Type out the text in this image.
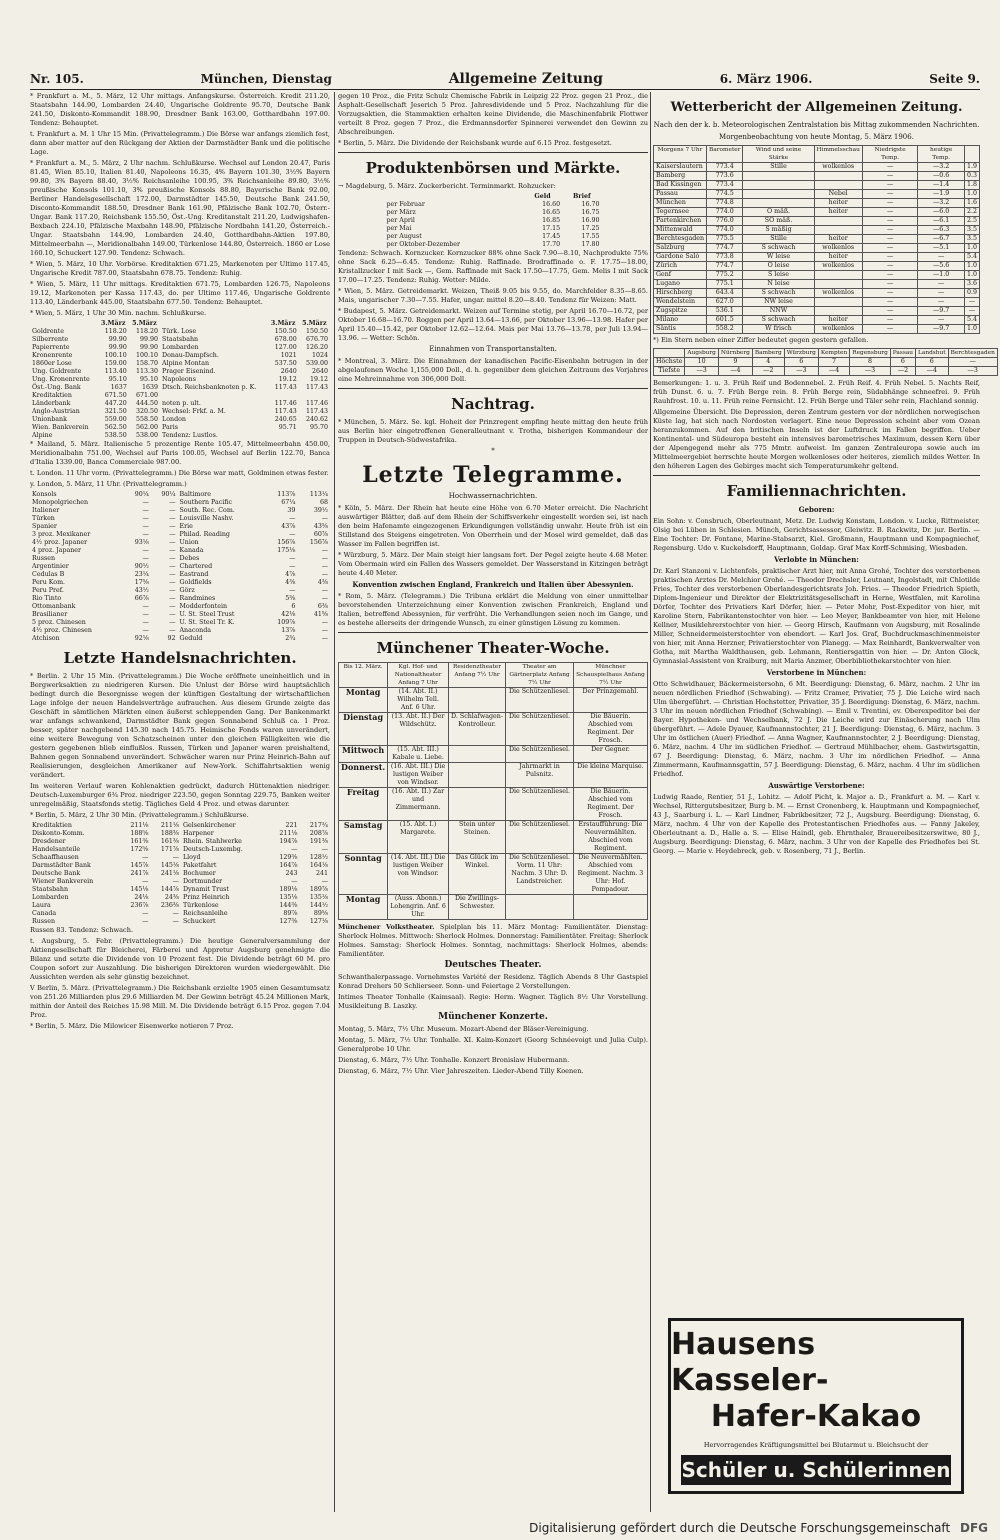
Nr. 105.	München, Dienstag	Allgemeine Zeitung	6. März 1906.	Seite 9.

* Frankfurt a. M., 5. März, 12 Uhr mittags. Anfangskurse. Österreich. Kredit 211.20, Staatsbahn 144.90, Lombarden 24.40, Ungarische Goldrente 95.70, Deutsche Bank 241.50, Diskonto-Kommandit 188.90, Dresdner Bank 163.00, Gotthardbahn 197.00. Tendenz: Behauptet.

t. Frankfurt a. M. 1 Uhr 15 Min. (Privattelegramm.) Die Börse war anfangs ziemlich fest, dann aber matter auf den Rückgang der Aktien der Darmstädter Bank und die politische Lage.

* Frankfurt a. M., 5. März, 2 Uhr nachm. Schlußkurse. Wechsel auf London 20.47, Paris 81.45, Wien 85.10, Italien 81.40, Napoleons 16.35, 4% Bayern 101.30, 3½% Bayern 99.80, 3% Bayern 88.40, 3½% Reichsanleihe 100.95, 3% Reichsanleihe 89.80, 3½% preußische Konsols 101.10, 3% preußische Konsols 88.80, Bayerische Bank 92.00, Berliner Handelsgesellschaft 172.00, Darmstädter 145.50, Deutsche Bank 241.50, Disconto-Kommandit 188.50, Dresdner Bank 161.90, Pfälzische Bank 102.70, Österr.-Ungar. Bank 117.20, Reichsbank 155.50, Öst.-Ung. Kreditanstalt 211.20, Ludwigshafen-Bexbach 224.10, Pfälzische Maxbahn 148.90, Pfälzische Nordbahn 141.20, Österreich.-Ungar. Staatsbahn 144.90, Lombarden 24.40, Gotthardbahn-Aktien 197.80, Mittelmeerbahn —, Meridionalbahn 149.00, Türkenlose 144.80, Österreich. 1860 er Lose 160.10, Schuckert 127.90. Tendenz: Schwach.

* Wien, 5. März, 10 Uhr. Vorbörse. Kreditaktien 671.25, Markenoten per Ultimo 117.45, Ungarische Kredit 787.00, Staatsbahn 678.75. Tendenz: Ruhig.

* Wien, 5. März, 11 Uhr mittags. Kreditaktien 671.75, Lombarden 126.75, Napoleons 19.12, Markenoten per Kassa 117.43, do. per Ultimo 117.46, Ungarische Goldrente 113.40, Länderbank 445.00, Staatsbahn 677.50. Tendenz: Behauptet.

* Wien, 5. März, 1 Uhr 30 Min. nachm. Schlußkurse.

	3.März	5.März		3.März	5.März
Goldrente	118.20	118.20	Türk. Lose	150.50	150.50
Silberrente	99.90	99.90	Staatsbahn	678.00	676.70
Papierrente	99.90	99.90	Lombarden	127.00	126.20
Kronenrente	100.10	100.10	Donau-Dampfsch.	1021	1024
1860er Lose	159.00	158.70	Alpine Montan	537.50	539.00
Ung. Goldrente	113.40	113.30	Prager Eisenind.	2640	2640
Ung. Kronenrente	95.10	95.10	Napoleons	19.12	19.12
Öst.-Ung. Bank	1637	1639	Dtsch. Reichsbanknoten p. K.	117.43	117.43
Kreditaktien	671.50	671.00			
Länderbank	447.20	444.50	noten p. ult.	117.46	117.46
Anglo-Austrian	321.50	320.50	Wechsel: Frkf. a. M.	117.43	117.43
Unionbank	559.00	558.50	London	240.65	240.62
Wien. Bankverein	562.50	562.00	Paris	95.71	95.70
Alpine	538.50	538.00	Tendenz: Lustlos.		

* Mailand, 5. März. Italienische 5 prozentige Rente 105.47, Mittelmeerbahn 450.00, Meridionalbahn 751.00, Wechsel auf Paris 100.05, Wechsel auf Berlin 122.70, Banca d'Italia 1339.00, Banca Commerciale 987.00.

t. London. 11 Uhr vorm. (Privattelegramm.) Die Börse war matt, Goldminen etwas fester.

y. London, 5. März, 11 Uhr. (Privattelegramm.)

Konsols	90¼	90¼	Baltimore	113⅞	113¼
Monopolgriechen	—	—	Southern Pacific	67¼	68
Italiener	—	—	South. Rec. Com.	39	39½
Türken	—	—	Louisville Nashv.	—	—
Spanier	—	—	Erie	43⅞	43⅝
3 proz. Mexikaner	—	—	Philad. Reading	—	60⅞
4½ proz. Japaner	93⅛	—	Union	156⅞	156⅞
4 proz. Japaner	—	—	Kanada	175⅛	—
Russen	—	—	Debes	—	—
Argentinier	90½	—	Chartered	—	—
Cedulas B	23¼	—	Eastrand	4⅞	—
Peru Kom.	17⅝	—	Goldfields	4⅜	4⅜
Peru Pref.	43½	—	Görz	—	—
Rio Tinto	66⅞	—	Randmines	5⅜	—
Ottomanbank	—	—	Modderfontein	6	6⅜
Brasilianer	—	—	U. St. Steel Trust	42⅛	41⅝
5 proz. Chinesen	—	—	U. St. Steel Tr. K.	109⅞	—
4½ proz. Chinesen	—	—	Anaconda	13⅞	—
Atchison	92⅛	92	Geduld	2¾	—
Letzte Handelsnachrichten.

* Berlin. 2 Uhr 15 Min. (Privattelegramm.) Die Woche eröffnete uneinheitlich und in Bergwerksaktien zu niedrigeren Kursen. Die Unlust der Börse wird hauptsächlich bedingt durch die Besorgnisse wegen der künftigen Gestaltung der wirtschaftlichen Lage infolge der neuen Handelsverträge aufrauchen. Aus diesem Grunde zeigte das Geschäft in sämtlichen Märkten einen äußerst schleppenden Gang. Der Bankenmarkt war anfangs schwankend, Darmstädter Bank gegen Sonnabend Schluß ca. 1 Proz. besser, später nachgebend 145.30 nach 145.75. Heimische Fonds waren unverändert, eine weitere Bewegung von Schatzscheinen unter den gleichen Fälligkeiten wie die gestern gegebenen blieb einflußlos. Russen, Türken und Japaner waren preishaltend, Bahnen gegen Sonnabend unverändert. Schwächer waren nur Prinz Heinrich-Bahn auf Realisierungen, desgleichen Amerikaner auf New-York. Schiffahrtsaktien wenig verändert.

Im weiteren Verlauf waren Kohlenaktien gedrückt, dadurch Hüttenaktien niedriger. Deutsch-Luxemburger 6¾ Proz. niedriger 223.50, gegen Sonntag 229.75, Banken weiter unregelmäßig, Staatsfonds stetig. Tägliches Geld 4 Proz. und etwas darunter.

* Berlin, 5. März, 2 Uhr 30 Min. (Privattelegramm.) Schlußkurse.

Kreditaktien	211⅛	211⅛	Gelsenkirchener	221	217¾
Diskonto-Komm.	188⅝	188⅜	Harpener	211⅛	208⅞
Dresdener	161⅜	161⅜	Rhein. Stahlwerke	194⅞	191⅜
Handelsanteile	172⅝	171⅞	Deutsch-Luxembg.	—	—
Schaaffhausen	—	—	Lloyd	129⅜	128½
Darmstädter Bank	145⅞	145⅛	Paketfahrt	164⅞	164⅛
Deutsche Bank	241⅞	241⅛	Bochumer	243	241
Wiener Bankverein	—	—	Dortmunder	—	—
Staatsbahn	145⅛	144⅞	Dynamit Trust	189⅛	189⅞
Lombarden	24⅛	24⅜	Prinz Heinrich	135⅛	135⅛
Laura	236⅞	236⅜	Türkenlose	144⅜	144½
Canada	—	—	Reichsanleihe	89⅞	89⅝
Russen	—	—	Schuckert	127⅜	127⅛

Russen 83. Tendenz: Schwach.

t. Augsburg, 5. Febr. (Privattelegramm.) Die heutige Generalversammlung der Aktiengesellschaft für Bleicherei, Färberei und Appretur Augsburg genehmigte die Bilanz und setzte die Dividende von 10 Prozent fest. Die Dividende beträgt 60 M. pro Coupon sofort zur Auszahlung. Die bisherigen Direktoren wurden wiedergewählt. Die Aussichten werden als sehr günstig bezeichnet.

V Berlin, 5. März. (Privattelegramm.) Die Reichsbank erzielte 1905 einen Gesamtumsatz von 251.26 Milliarden plus 29.6 Milliarden M. Der Gewinn beträgt 45.24 Millionen Mark, mithin der Anteil des Reiches 15.98 Mill. M. Die Dividende beträgt 6.15 Proz. gegen 7.04 Proz.

* Berlin, 5. März. Die Milowicer Eisenwerke notieren 7 Proz.

gegen 10 Proz., die Fritz Schulz Chemische Fabrik in Leipzig 22 Proz. gegen 21 Proz., die Asphalt-Gesellschaft Jeserich 5 Proz. Jahresdividende und 5 Proz. Nachzahlung für die Vorzugsaktien, die Stammaktien erhalten keine Dividende, die Maschinenfabrik Flottwer verteilt 8 Proz. gegen 7 Proz., die Erdmannsdorfer Spinnerei verwendet den Gewinn zu Abschreibungen.

* Berlin, 5. März. Die Dividende der Reichsbank wurde auf 6.15 Proz. festgesetzt.

Produktenbörsen und Märkte.

→ Magdeburg, 5. März. Zuckerbericht. Terminmarkt. Rohzucker:

	Geld	Brief
per Februar	16.60	16.70
per März	16.65	16.75
per April	16.85	16.90
per Mai	17.15	17.25
per August	17.45	17.55
per Oktober-Dezember	17.70	17.80

Tendenz: Schwach. Kornzucker. Kornzucker 88% ohne Sack 7.90—8.10, Nachprodukte 75% ohne Sack 6.25—6.45. Tendenz: Ruhig. Raffinade. Brodraffinade o. F. 17.75—18.00, Kristallzucker I mit Sack —, Gem. Raffinade mit Sack 17.50—17.75, Gem. Melis I mit Sack 17.00—17.25. Tendenz: Ruhig. Wetter: Milde.

* Wien, 5. März. Getreidemarkt. Weizen, Theiß 9.05 bis 9.55, do. Marchfelder 8.35—8.65. Mais, ungarischer 7.30—7.55. Hafer, ungar. mittel 8.20—8.40. Tendenz für Weizen: Matt.

* Budapest, 5. März. Getreidemarkt. Weizen auf Termine stetig, per April 16.70—16.72, per Oktober 16.68—16.70. Roggen per April 13.64—13.66, per Oktober 13.96—13.98. Hafer per April 15.40—15.42, per Oktober 12.62—12.64. Mais per Mai 13.76—13.78, per Juli 13.94—13.96. — Wetter: Schön.

Einnahmen von Transportanstalten.

* Montreal, 3. März. Die Einnahmen der kanadischen Pacific-Eisenbahn betrugen in der abgelaufenen Woche 1,155,000 Doll., d. h. gegenüber dem gleichen Zeitraum des Vorjahres eine Mehreinnahme von 306,000 Doll.

Nachtrag.

* München, 5. März. Se. kgl. Hoheit der Prinzregent empfing heute mittag den heute früh aus Berlin hier eingetroffenen Generalleutnant v. Trotha, bisherigen Kommandeur der Truppen in Deutsch-Südwestafrika.

*
Letzte Telegramme.
Hochwassernachrichten.

* Köln, 5. März. Der Rhein hat heute eine Höhe von 6.70 Meter erreicht. Die Nachricht auswärtiger Blätter, daß auf dem Rhein der Schiffsverkehr eingestellt worden sei, ist nach den beim Hafenamte eingezogenen Erkundigungen vollständig unwahr. Heute früh ist ein Stillstand des Steigens eingetreten. Von Oberrhein und der Mosel wird gemeldet, daß das Wasser im Fallen begriffen ist.

* Würzburg, 5. März. Der Main steigt hier langsam fort. Der Pegel zeigte heute 4.68 Meter. Vom Obermain wird ein Fallen des Wassers gemeldet. Der Wasserstand in Kitzingen beträgt heute 4.40 Meter.

Konvention zwischen England, Frankreich und Italien über Abessynien.

* Rom, 5. März. (Telegramm.) Die Tribuna erklärt die Meldung von einer unmittelbar bevorstehenden Unterzeichnung einer Konvention zwischen Frankreich, England und Italien, betreffend Abessynien, für verfrüht. Die Verhandlungen seien noch im Gange, und es bestehe allerseits der dringende Wunsch, zu einer günstigen Lösung zu kommen.

Münchener Theater-Woche.
Bis 12. März.	Kgl. Hof- und Nationaltheater Anfang 7 Uhr	Residenztheater Anfang 7½ Uhr	Theater am Gärtnerplatz Anfang 7½ Uhr	Münchner Schauspielhaus Anfang 7½ Uhr
Montag	(14. Abt. II.) Wilhelm Tell. Anf. 6 Uhr.		Die Schützenliesel.	Der Prinzgemahl.
Dienstag	(13. Abt. II.) Der Wildschütz.	D. Schlafwagen-Kontrolleur.	Die Schützenliesel.	Die Bäuerin. Abschied vom Regiment. Der Frosch.
Mittwoch	(15. Abt. III.) Kabale u. Liebe.		Die Schützenliesel.	Der Gegner.
Donnerst.	(16. Abt. III.) Die lustigen Weiber von Windsor.		Jahrmarkt in Pulsnitz.	Die kleine Marquise.
Freitag	(16. Abt. II.) Zar und Zimmermann.		Die Schützenliesel.	Die Bäuerin. Abschied vom Regiment. Der Frosch.
Samstag	(15. Abt. I.) Margarete.	Stein unter Steinen.	Die Schützenliesel.	Erstaufführung: Die Neuvermählten. Abschied vom Regiment.
Sonntag	(14. Abt. III.) Die lustigen Weiber von Windsor.	Das Glück im Winkel.	Die Schützenliesel. Vorm. 11 Uhr: Nachm. 3 Uhr: D. Landstreicher.	Die Neuvermählten. Abschied vom Regiment. Nachm. 3 Uhr: Hof. Pompadour.
Montag	(Auss. Abonn.) Lohengrin. Anf. 6 Uhr.	Die Zwillings-Schwester.		

Münchener Volkstheater. Spielplan bis 11. März Montag: Familientäter. Dienstag: Sherlock Holmes. Mittwoch: Sherlock Holmes. Donnerstag: Familientäter. Freitag: Sherlock Holmes. Samstag: Sherlock Holmes. Sonntag, nachmittags: Sherlock Holmes, abends: Familientäter.

Deutsches Theater.

Schwanthalerpassage. Vornehmstes Variété der Residenz. Täglich Abends 8 Uhr Gastspiel Konrad Drehers 50 Schlierseer. Sonn- und Feiertage 2 Vorstellungen.

Intimes Theater Tonhalle (Kaimsaal). Regie: Herm. Wagner. Täglich 8½ Uhr Vorstellung. Musikleitung B. Laszky.

Münchener Konzerte.

Montag, 5. März, 7½ Uhr. Museum. Mozart-Abend der Bläser-Vereinigung.

Montag, 5. März, 7½ Uhr. Tonhalle. XI. Kaim-Konzert (Georg Schnéevoigt und Julia Culp). Generalprobe 10 Uhr.

Dienstag, 6. März, 7½ Uhr. Tonhalle. Konzert Bronislaw Hubermann.

Dienstag, 6. März, 7½ Uhr. Vier Jahreszeiten. Lieder-Abend Tilly Koenen.

Wetterbericht der Allgemeinen Zeitung.
Nach den der k. b. Meteorologischen Zentralstation bis Mittag zukommenden Nachrichten.
Morgenbeobachtung von heute Montag, 5. März 1906.
Morgens 7 Uhr	Barometer	Wind und seine Stärke	Himmelsschau	Niedrigste Temp.	heutige Temp.	
Kaiserslautern	773.4	Stille	wolkenlos	—	—3.2	1.9
Bamberg	773.6			—	—0.6	0.3
Bad Kissingen	773.4			—	—1.4	1.8
Passau	774.5		Nebel	—	—1.9	1.0
München	774.8		heiter	—	—3.2	1.6
Tegernsee	774.0	O mäß.	heiter	—	—6.0	2.2
Partenkirchen	776.0	SO mäß.		—	—6.1	2.5
Mittenwald	774.0	S mäßig		—	—6.3	3.5
Berchtesgaden	775.5	Stille	heiter	—	—6.7	3.5
Salzburg	774.7	S schwach	wolkenlos	—	—5.1	1.0
Gardone Salò	773.8	W leise	heiter	—	—	5.4
Zürich	774.7	O leise	wolkenlos	—	—5.6	1.0
Genf	775.2	S leise		—	—1.0	1.0
Lugano	775.1	N leise		—	—	3.6
Hirschberg	643.4	S schwach	wolkenlos	—	—	0.9
Wendelstein	627.0	NW leise		—	—	—
Zugspitze	536.1	NNW		—	—9.7	—
Milano	601.5	S schwach	heiter	—	—	5.4
Säntis	558.2	W frisch	wolkenlos	—	—9.7	1.0

*) Ein Stern neben einer Ziffer bedeutet gegen gestern gefallen.

	Augsburg	Nürnberg	Bamberg	Würzburg	Kempten	Regensburg	Passau	Landshut	Berchtesgaden
Höchste	10	9	4	6	7	8	6	6	—
Tiefste	—3	—4	—2	—3	—4	—3	—2	—4	—3

Bemerkungen: 1. u. 3. Früh Reif und Bodennebel. 2. Früh Reif. 4. Früh Nebel. 5. Nachts Reif, früh Dunst. 6. u. 7. Früh Berge rein. 8. Früh Berge rein, Südabhänge schneefrei. 9. Früh Rauhfrost. 10. u. 11. Früh reine Fernsicht. 12. Früh Berge und Täler sehr rein, Flachland sonnig.

Allgemeine Übersicht. Die Depression, deren Zentrum gestern vor der nördlichen norwegischen Küste lag, hat sich nach Nordosten verlagert. Eine neue Depression scheint aber vom Ozean heranzukommen. Auf den britischen Inseln ist der Luftdruck im Fallen begriffen. Ueber Kontinental- und Südeuropa besteht ein intensives barometrisches Maximum, dessen Kern über der Alpengegend mehr als 775 Mmtr. aufweist. Im ganzen Zentraleuropa sowie auch im Mittelmeergebiet herrschte heute Morgen wolkenloses oder heiteres, ziemlich mildes Wetter. In den höheren Lagen des Gebirges macht sich Temperaturumkehr geltend.

Familiennachrichten.
Geboren:

Ein Sohn: v. Consbruch, Oberleutnant, Metz. Dr. Ludwig Konstam, London. v. Lucke, Rittmeister, Olsig bei Lüben in Schlesien. Münch, Gerichtsassessor, Gleiwitz. B. Rackwitz, Dr. jur. Berlin. — Eine Tochter: Dr. Fontane, Marine-Stabsarzt, Kiel. Großmann, Hauptmann und Kompagniechef, Regensburg. Udo v. Kuckelsdorff, Hauptmann, Goldap. Graf Max Korff-Schmising, Wiesbaden.

Verlobte in München:

Dr. Karl Stanzoni v. Lichtenfels, praktischer Arzt hier, mit Anna Grohé, Tochter des verstorbenen praktischen Arztes Dr. Melchior Grohé. — Theodor Drechsler, Leutnant, Ingolstadt, mit Chlotilde Fries, Tochter des verstorbenen Oberlandesgerichtsrats Joh. Fries. — Theodor Friedrich Spieth, Diplom-Ingenieur und Direktor der Elektrizitätsgesellschaft in Herne, Westfalen, mit Karolina Dörfer, Tochter des Privatiers Karl Dörfer, hier. — Peter Mohr, Post-Expeditor von hier, mit Karoline Stern, Fabrikantenstochter von hier. — Leo Meyer, Bankbeamter von hier, mit Helene Kellner, Musiklehrerstochter von hier. — Georg Hirsch, Kaufmann von Augsburg, mit Rosalinde Miller, Schneidermeisterstochter von ebendort. — Karl Jos. Graf, Buchdruckmaschinenmeister von hier, mit Anna Herzner, Privatierstochter von Planegg. — Max Reinhardt, Bankverwalter von Gotha, mit Martha Waldthausen, geb. Lehmann, Rentiersgattin von hier. — Dr. Anton Glock, Gymnasial-Assistent von Kraiburg, mit Maria Anzmer, Oberbibliothekarstochter von hier.

Verstorbene in München:

Otto Schwidhauer, Bäckermeistersohn, 6 Mt. Beerdigung: Dienstag, 6. März, nachm. 2 Uhr im neuen nördlichen Friedhof (Schwabing). — Fritz Cramer, Privatier, 75 J. Die Leiche wird nach Ulm übergeführt. — Christian Hochstetter, Privatier, 35 J. Beerdigung: Dienstag, 6. März, nachm. 3 Uhr im neuen nördlichen Friedhof (Schwabing). — Emil v. Trentini, ev. Oberexpeditor bei der Bayer. Hypotheken- und Wechselbank, 72 J. Die Leiche wird zur Einäscherung nach Ulm übergeführt. — Adele Dyauer, Kaufmannstochter, 21 J. Beerdigung: Dienstag, 6. März, nachm. 3 Uhr im östlichen (Auer) Friedhof. — Anna Wagner, Kaufmannstochter, 2 J. Beerdigung: Dienstag, 6. März, nachm. 4 Uhr im südlichen Friedhof. — Gertraud Mühlbacher, ehem. Gastwirtsgattin, 67 J. Beerdigung: Dienstag, 6. März, nachm. 3 Uhr im nördlichen Friedhof. — Anna Zimmermann, Kaufmannsgattin, 57 J. Beerdigung: Dienstag, 6. März, nachm. 4 Uhr im südlichen Friedhof.

Auswärtige Verstorbene:

Ludwig Raade, Rentier, 51 J., Lohitz. — Adolf Picht, k. Major a. D., Frankfurt a. M. — Karl v. Wechsel, Rittergutsbesitzer, Burg b. M. — Ernst Cronenberg, k. Hauptmann und Kompagniechef, 43 J., Saarburg i. L. — Karl Lindner, Fabrikbesitzer, 72 J., Augsburg. Beerdigung: Dienstag, 6. März, nachm. 4 Uhr von der Kapelle des Protestantischen Friedhofes aus. — Fanny Jakeley, Oberleutnant a. D., Halle a. S. — Elise Haindl, geb. Ehrnthaler, Brauereibesitzerswitwe, 80 J., Augsburg. Beerdigung: Dienstag, 6. März, nachm. 3 Uhr von der Kapelle des Friedhofes bei St. Georg. — Marie v. Heydebreck, geb. v. Rosenberg, 71 J., Berlin.

Hausens Kasseler-
Hafer-Kakao
Hervorragendes Kräftigungsmittel bei Blutarmut u. Bleichsucht der
Schüler u. Schülerinnen
Digitalisierung gefördert durch die Deutsche Forschungsgemeinschaft DFG
